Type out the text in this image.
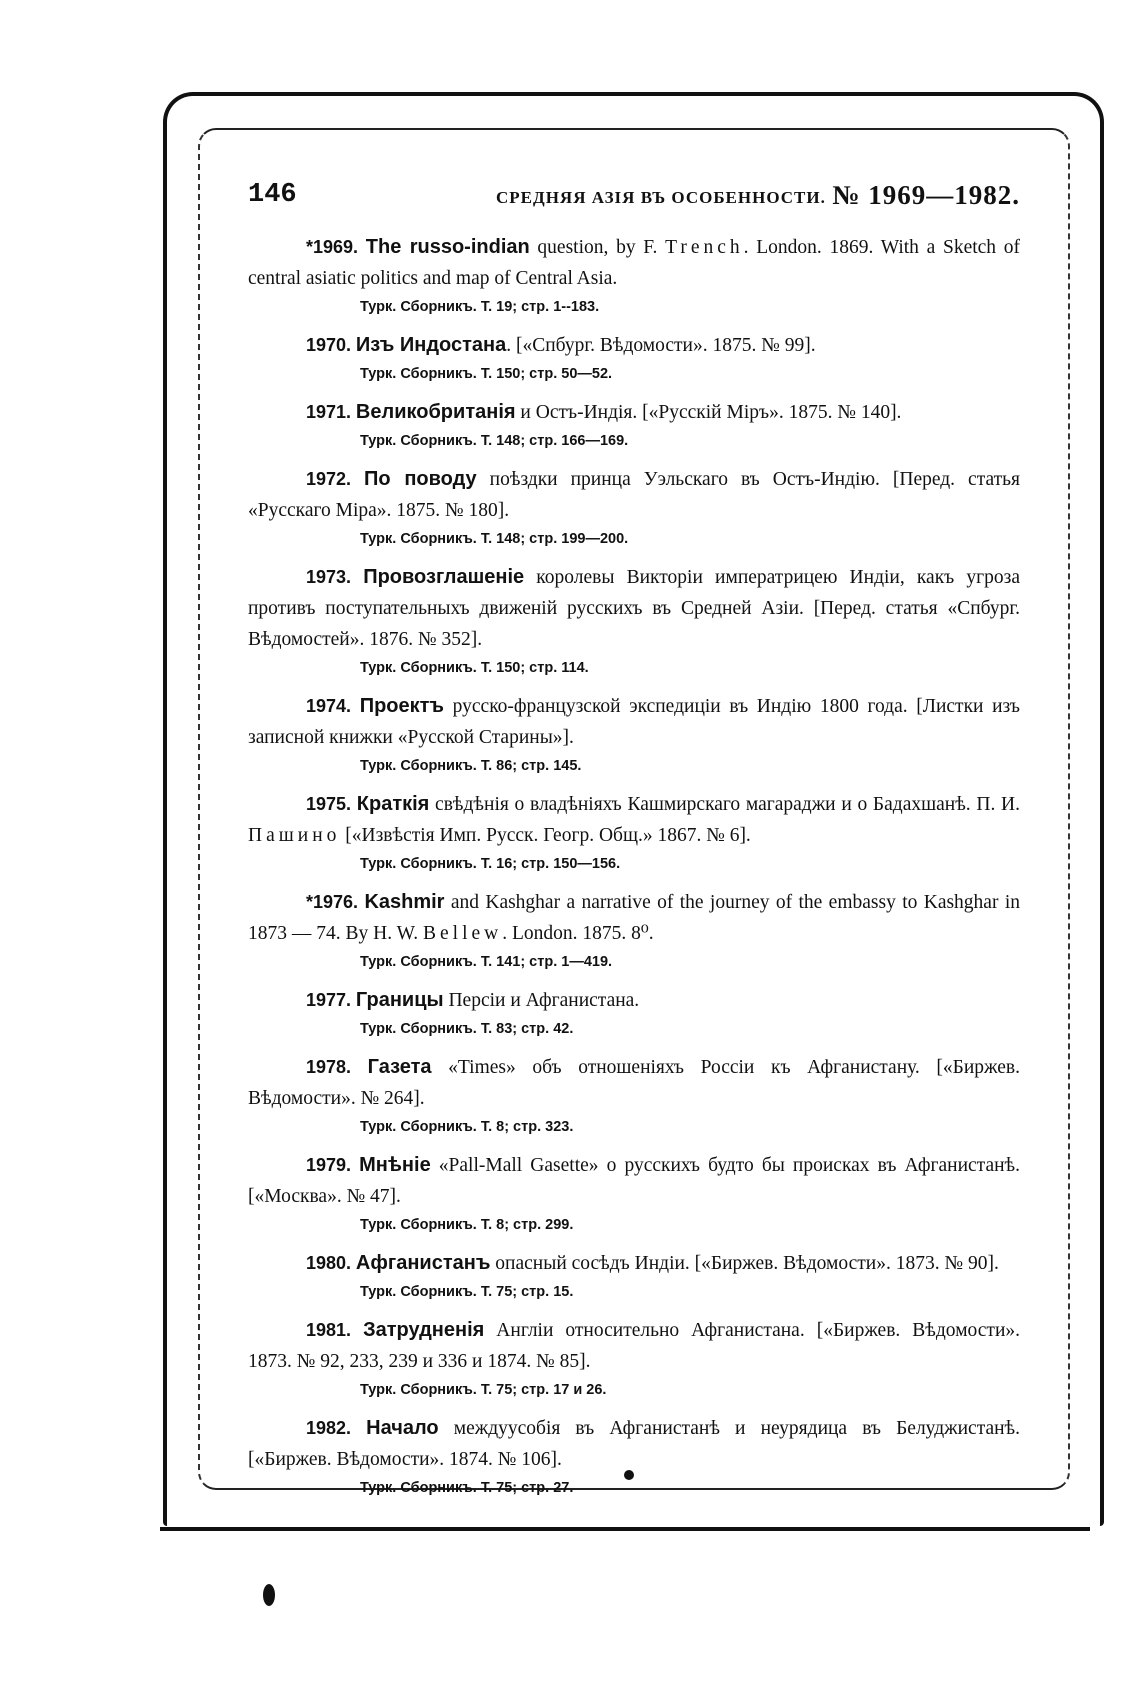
146	СРЕДНЯЯ АЗІЯ ВЪ ОСОБЕННОСТИ. № 1969—1982.
*1969. The russo-indian question, by F. Trench. London. 1869. With a Sketch of central asiatic politics and map of Central Asia.
Турк. Сборникъ. Т. 19; стр. 1--183.
1970. Изъ Индостана. [«Спбург. Вѣдомости». 1875. № 99].
Турк. Сборникъ. Т. 150; стр. 50—52.
1971. Великобританія и Остъ-Индія. [«Русскій Міръ». 1875. № 140].
Турк. Сборникъ. Т. 148; стр. 166—169.
1972. По поводу поѣздки принца Уэльскаго въ Остъ-Индію. [Перед. статья «Русскаго Міра». 1875. № 180].
Турк. Сборникъ. Т. 148; стр. 199—200.
1973. Провозглашеніе королевы Викторіи императрицею Индіи, какъ угроза противъ поступательныхъ движеній русскихъ въ Средней Азіи. [Перед. статья «Спбург. Вѣдомостей». 1876. № 352].
Турк. Сборникъ. Т. 150; стр. 114.
1974. Проектъ русско-французской экспедиціи въ Индію 1800 года. [Листки изъ записной книжки «Русской Старины»].
Турк. Сборникъ. Т. 86; стр. 145.
1975. Краткія свѣдѣнія о владѣніяхъ Кашмирскаго магараджи и о Бадахшанѣ. П. И. Пашино [«Извѣстія Имп. Русск. Геогр. Общ.» 1867. № 6].
Турк. Сборникъ. Т. 16; стр. 150—156.
*1976. Kashmir and Kashghar a narrative of the journey of the embassy to Kashghar in 1873 — 74. By H. W. Bellew. London. 1875. 8⁰.
Турк. Сборникъ. Т. 141; стр. 1—419.
1977. Границы Персіи и Афганистана.
Турк. Сборникъ. Т. 83; стр. 42.
1978. Газета «Times» объ отношеніяхъ Россіи къ Афганистану. [«Биржев. Вѣдомости». № 264].
Турк. Сборникъ. Т. 8; стр. 323.
1979. Мнѣніе «Pall-Mall Gasette» о русскихъ будто бы происках въ Афганистанѣ. [«Москва». № 47].
Турк. Сборникъ. Т. 8; стр. 299.
1980. Афганистанъ опасный сосѣдъ Индіи. [«Биржев. Вѣдомости». 1873. № 90].
Турк. Сборникъ. Т. 75; стр. 15.
1981. Затрудненія Англіи относительно Афганистана. [«Биржев. Вѣдомости». 1873. № 92, 233, 239 и 336 и 1874. № 85].
Турк. Сборникъ. Т. 75; стр. 17 и 26.
1982. Начало междуусобія въ Афганистанѣ и неурядица въ Белуджистанѣ. [«Биржев. Вѣдомости». 1874. № 106].
Турк. Сборникъ. Т. 75; стр. 27.
